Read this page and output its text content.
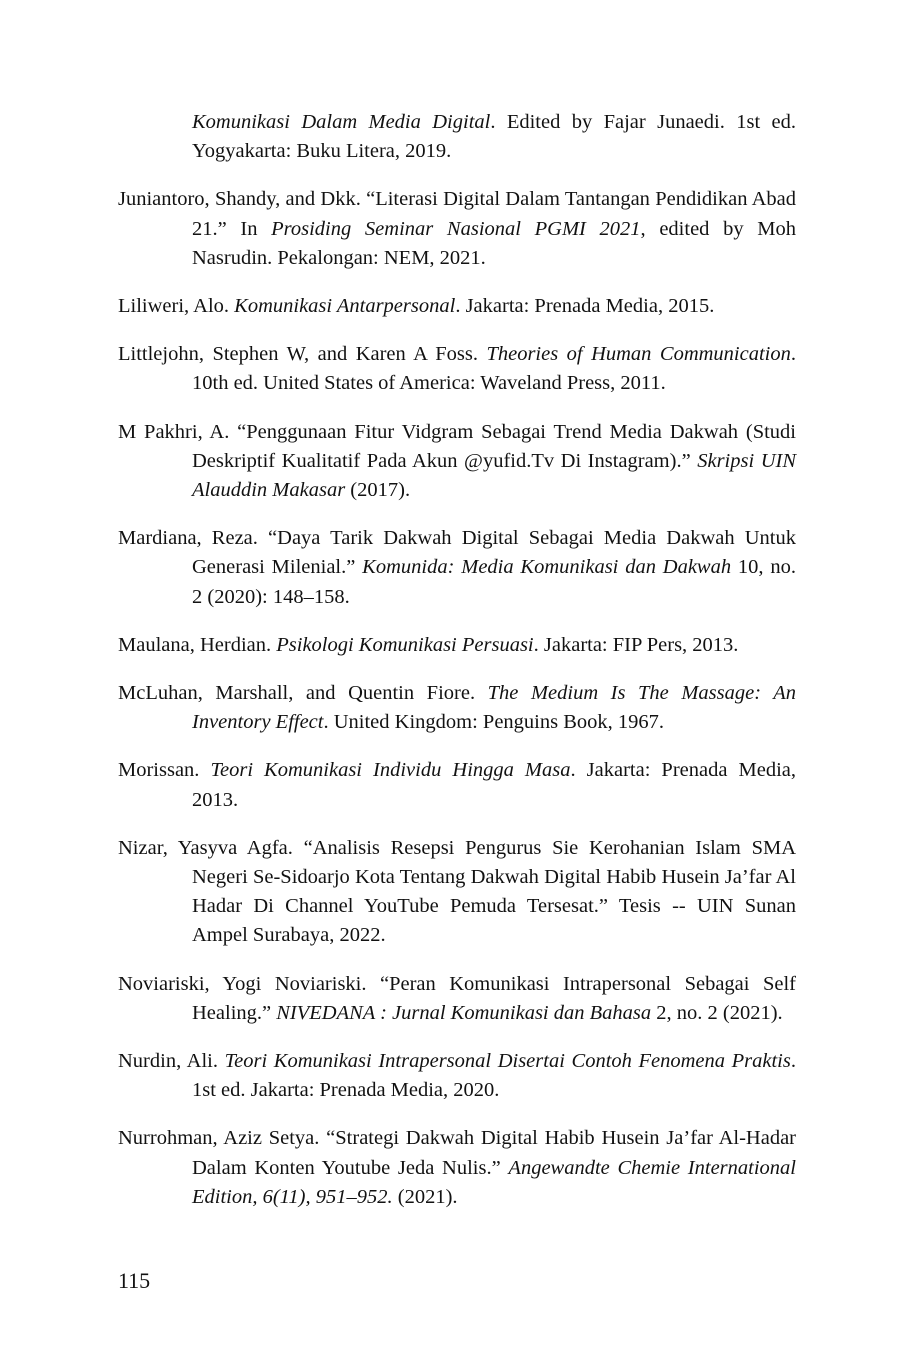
Komunikasi Dalam Media Digital. Edited by Fajar Junaedi. 1st ed. Yogyakarta: Buku Litera, 2019.

Juniantoro, Shandy, and Dkk. “Literasi Digital Dalam Tantangan Pendidikan Abad 21.” In Prosiding Seminar Nasional PGMI 2021, edited by Moh Nasrudin. Pekalongan: NEM, 2021.

Liliweri, Alo. Komunikasi Antarpersonal. Jakarta: Prenada Media, 2015.

Littlejohn, Stephen W, and Karen A Foss. Theories of Human Communication. 10th ed. United States of America: Waveland Press, 2011.

M Pakhri, A. “Penggunaan Fitur Vidgram Sebagai Trend Media Dakwah (Studi Deskriptif Kualitatif Pada Akun @yufid.Tv Di Instagram).” Skripsi UIN Alauddin Makasar (2017).

Mardiana, Reza. “Daya Tarik Dakwah Digital Sebagai Media Dakwah Untuk Generasi Milenial.” Komunida: Media Komunikasi dan Dakwah 10, no. 2 (2020): 148–158.

Maulana, Herdian. Psikologi Komunikasi Persuasi. Jakarta: FIP Pers, 2013.

McLuhan, Marshall, and Quentin Fiore. The Medium Is The Massage: An Inventory Effect. United Kingdom: Penguins Book, 1967.

Morissan. Teori Komunikasi Individu Hingga Masa. Jakarta: Prenada Media, 2013.

Nizar, Yasyva Agfa. “Analisis Resepsi Pengurus Sie Kerohanian Islam SMA Negeri Se-Sidoarjo Kota Tentang Dakwah Digital Habib Husein Ja’far Al Hadar Di Channel YouTube Pemuda Tersesat.” Tesis -- UIN Sunan Ampel Surabaya, 2022.

Noviariski, Yogi Noviariski. “Peran Komunikasi Intrapersonal Sebagai Self Healing.” NIVEDANA : Jurnal Komunikasi dan Bahasa 2, no. 2 (2021).

Nurdin, Ali. Teori Komunikasi Intrapersonal Disertai Contoh Fenomena Praktis. 1st ed. Jakarta: Prenada Media, 2020.

Nurrohman, Aziz Setya. “Strategi Dakwah Digital Habib Husein Ja’far Al-Hadar Dalam Konten Youtube Jeda Nulis.” Angewandte Chemie International Edition, 6(11), 951–952. (2021).

115
